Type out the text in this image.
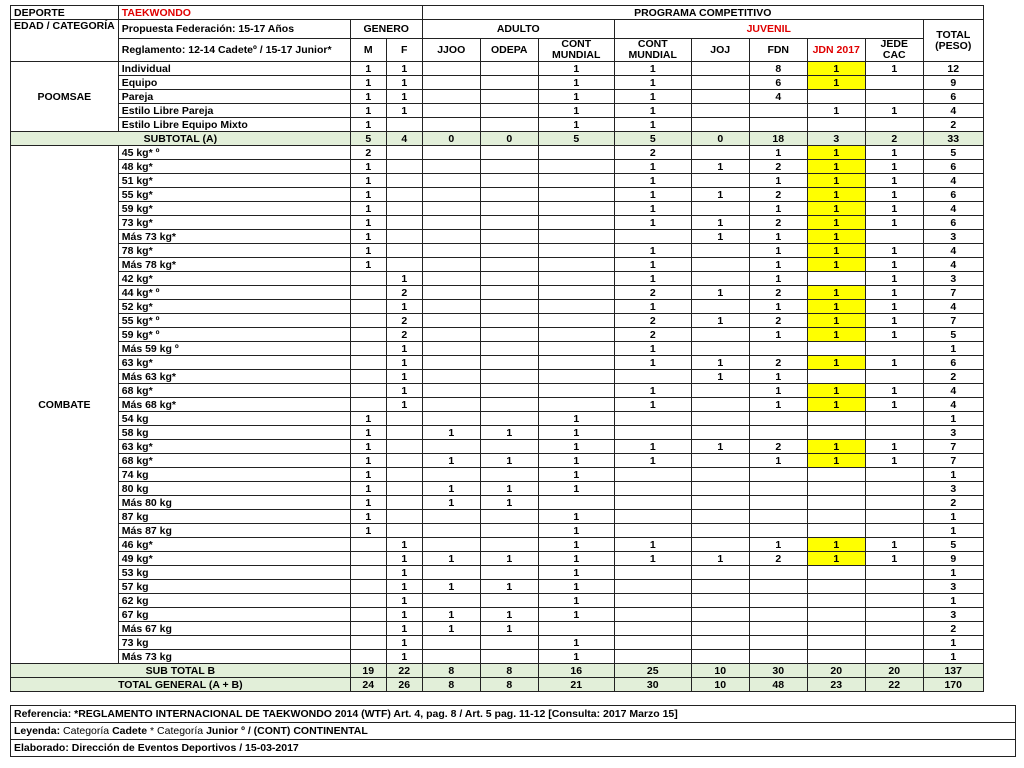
DEPORTE	TAEKWONDO			PROGRAMA COMPETITIVO								
EDAD / CATEGORÍA	Propuesta Federación: 15-17 Años	GENERO		ADULTO			JUVENIL					TOTAL (PESO)
	Reglamento: 12-14 Cadeteº / 15-17 Junior*	M	F	JJOO	ODEPA	CONT MUNDIAL	CONT MUNDIAL	JOJ	FDN	JDN 2017	JEDE CAC	
POOMSAE	Individual	1	1			1	1		8	1	1	12
	Equipo	1	1			1	1		6	1		9
	Pareja	1	1			1	1		4			6
	Estilo Libre Pareja	1	1			1	1			1	1	4
	Estilo Libre Equipo Mixto	1				1	1					2
SUBTOTAL (A)		5	4	0	0	5	5	0	18	3	2	33
COMBATE	45 kg* º	2					2		1	1	1	5
	48 kg*	1					1	1	2	1	1	6
	51 kg*	1					1		1	1	1	4
	55 kg*	1					1	1	2	1	1	6
	59 kg*	1					1		1	1	1	4
	73 kg*	1					1	1	2	1	1	6
	Más 73 kg*	1						1	1	1		3
	78 kg*	1					1		1	1	1	4
	Más 78 kg*	1					1		1	1	1	4
	42 kg*		1				1		1		1	3
	44 kg* º		2				2	1	2	1	1	7
	52 kg*		1				1		1	1	1	4
	55 kg* º		2				2	1	2	1	1	7
	59 kg* º		2				2		1	1	1	5
	Más 59 kg º		1				1					1
	63 kg*		1				1	1	2	1	1	6
	Más 63 kg*		1					1	1			2
	68 kg*		1				1		1	1	1	4
	Más 68 kg*		1				1		1	1	1	4
	54 kg	1				1						1
	58 kg	1		1	1	1						3
	63 kg*	1				1	1	1	2	1	1	7
	68 kg*	1		1	1	1	1		1	1	1	7
	74 kg	1				1						1
	80 kg	1		1	1	1						3
	Más 80 kg	1		1	1							2
	87 kg	1				1						1
	Más 87 kg	1				1						1
	46 kg*		1			1	1		1	1	1	5
	49 kg*		1	1	1	1	1	1	2	1	1	9
	53 kg		1			1						1
	57 kg		1	1	1	1						3
	62 kg		1			1						1
	67 kg		1	1	1	1						3
	Más 67 kg		1	1	1							2
	73 kg		1			1						1
	Más 73 kg		1			1						1
SUB TOTAL B		19	22	8	8	16	25	10	30	20	20	137
TOTAL GENERAL (A + B)		24	26	8	8	21	30	10	48	23	22	170
Referencia: *REGLAMENTO INTERNACIONAL DE TAEKWONDO 2014 (WTF) Art. 4, pag. 8 / Art. 5 pag. 11-12 [Consulta: 2017 Marzo 15]
Leyenda: Categoría Cadete * Categoría Junior º / (CONT) CONTINENTAL
Elaborado: Dirección de Eventos Deportivos / 15-03-2017
